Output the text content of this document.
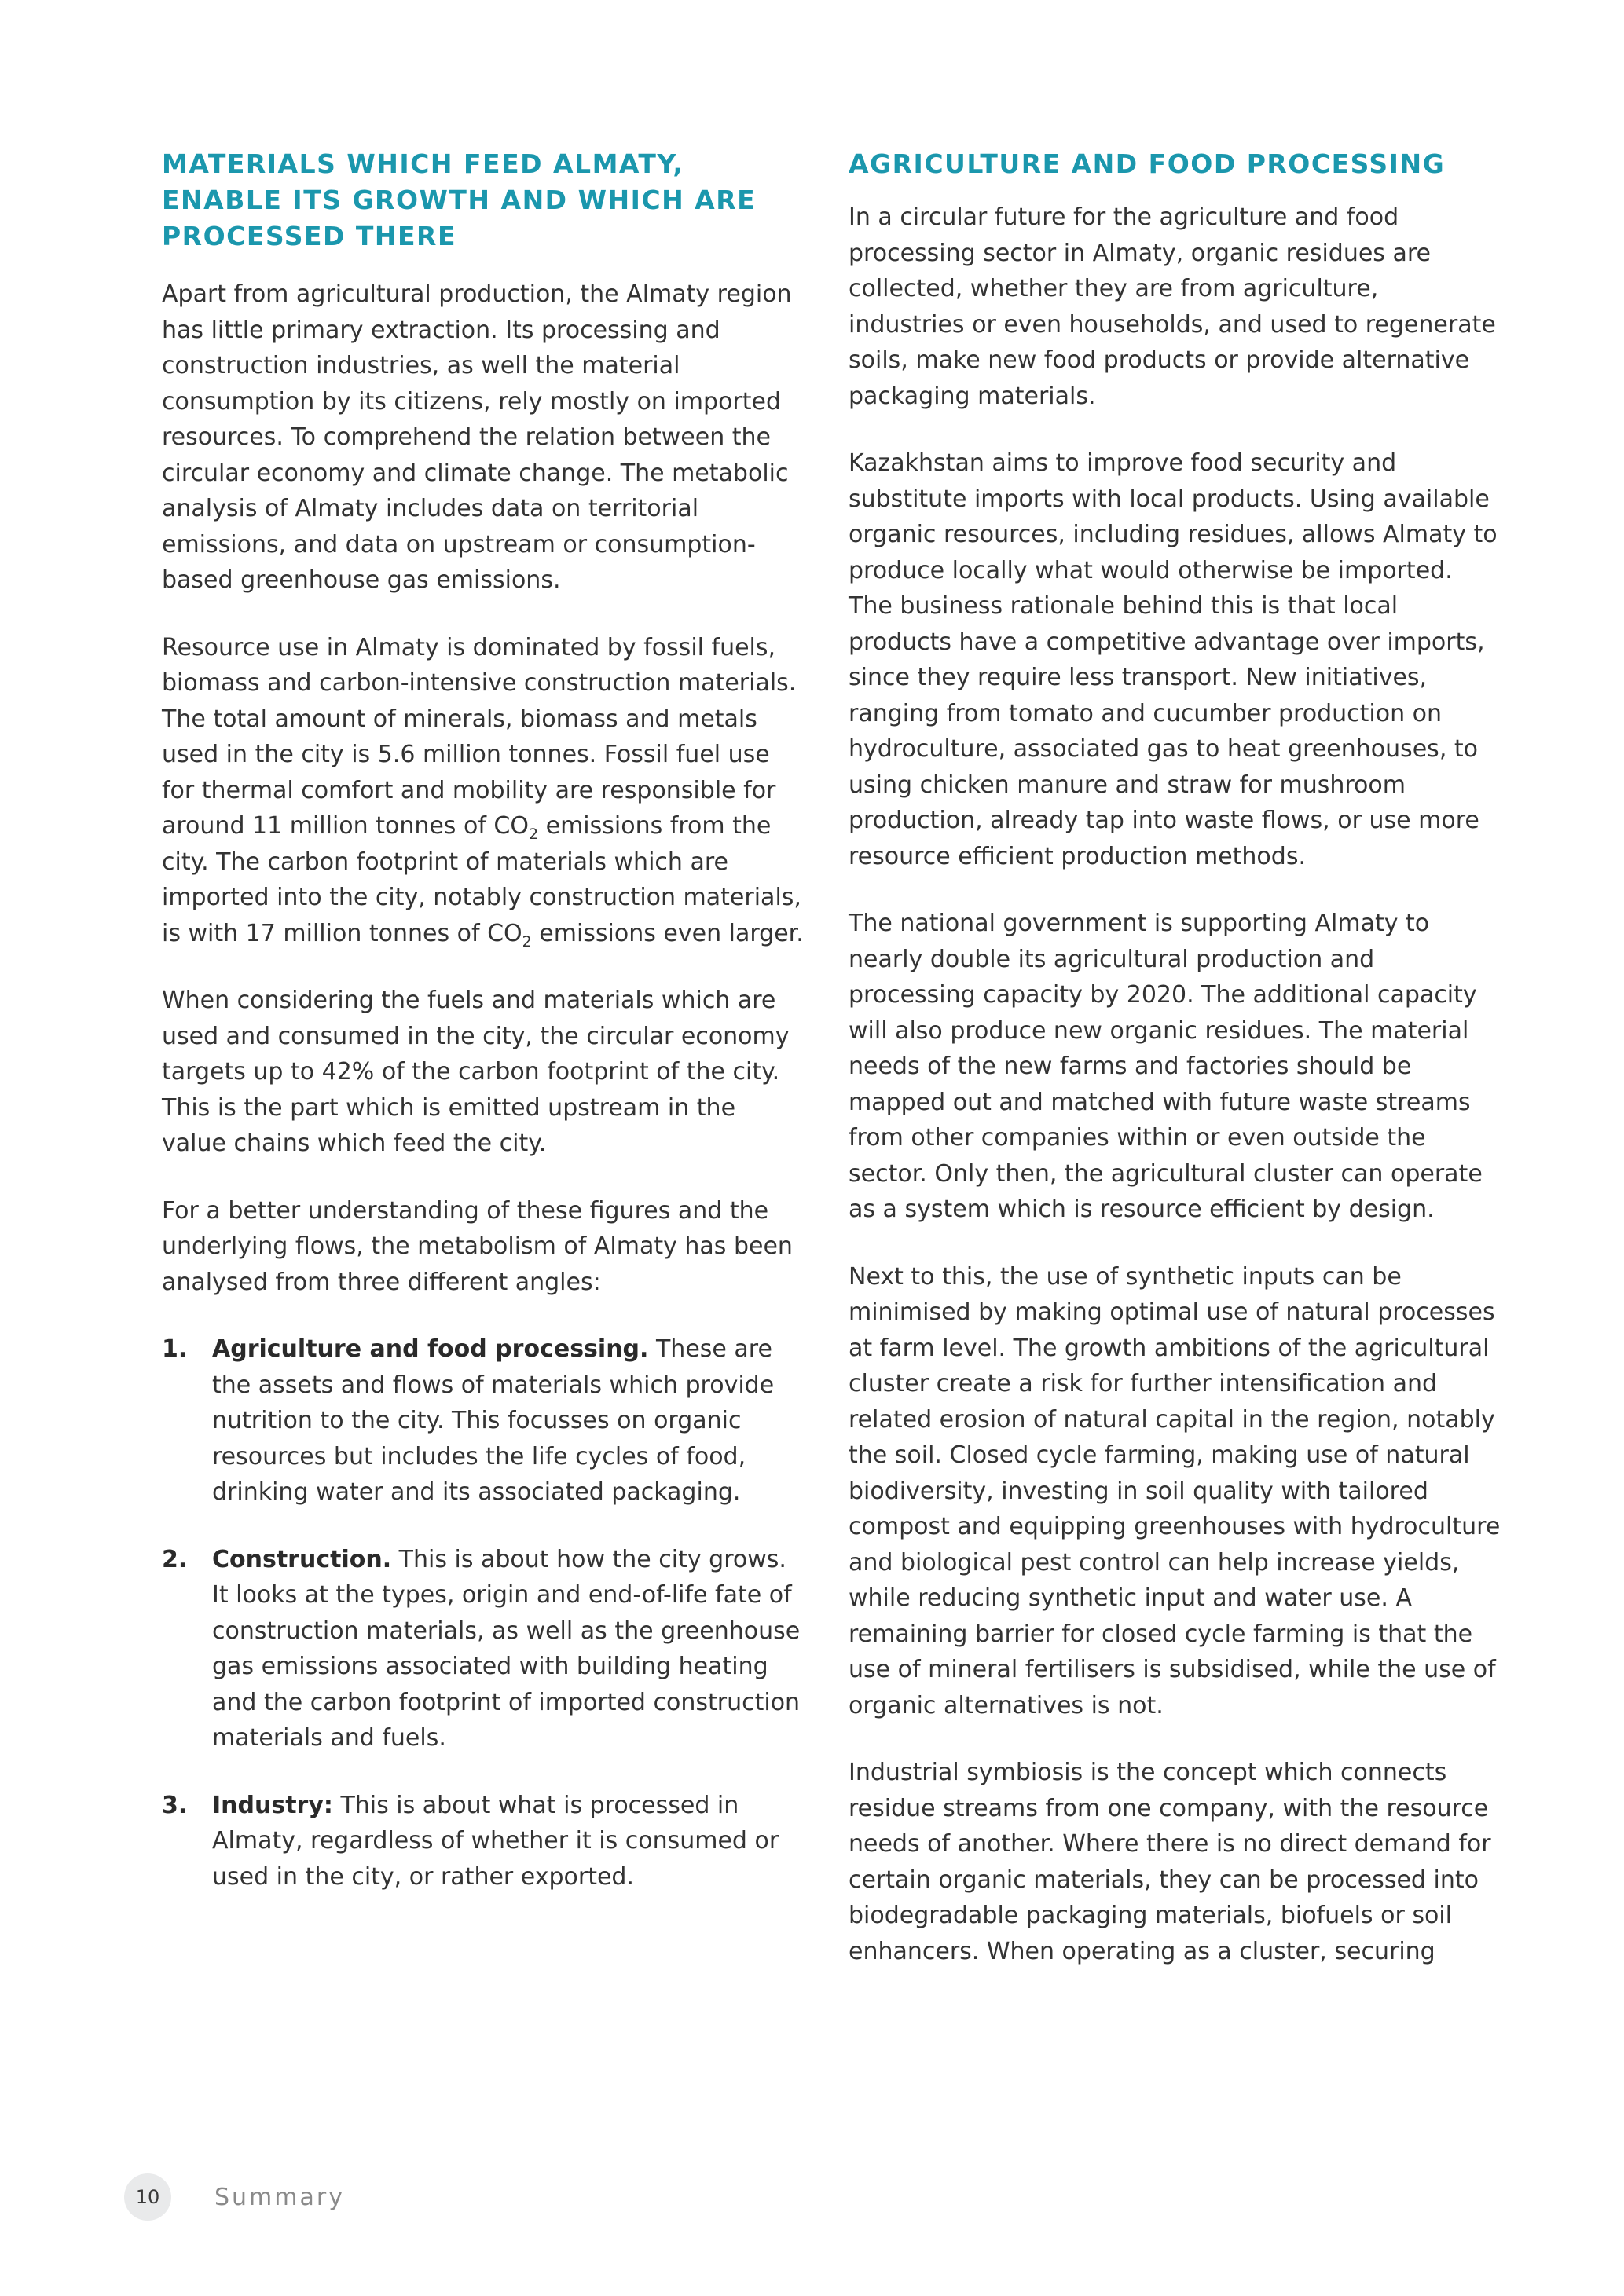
MATERIALS WHICH FEED ALMATY, ENABLE ITS GROWTH AND WHICH ARE PROCESSED THERE

Apart from agricultural production, the Almaty region has little primary extraction. Its processing and construction industries, as well the material consumption by its citizens, rely mostly on imported resources. To comprehend the relation between the circular economy and climate change. The metabolic analysis of Almaty includes data on territorial emissions, and data on upstream or consumption-based greenhouse gas emissions.

Resource use in Almaty is dominated by fossil fuels, biomass and carbon-intensive construction materials. The total amount of minerals, biomass and metals used in the city is 5.6 million tonnes. Fossil fuel use for thermal comfort and mobility are responsible for around 11 million tonnes of $CO_2$ emissions from the city. The carbon footprint of materials which are imported into the city, notably construction materials, is with 17 million tonnes of $CO_2$ emissions even larger.

When considering the fuels and materials which are used and consumed in the city, the circular economy targets up to 42% of the carbon footprint of the city. This is the part which is emitted upstream in the value chains which feed the city.

For a better understanding of these figures and the underlying flows, the metabolism of Almaty has been analysed from three different angles:

1. Agriculture and food processing. These are the assets and flows of materials which provide nutrition to the city. This focusses on organic resources but includes the life cycles of food, drinking water and its associated packaging.
2. Construction. This is about how the city grows. It looks at the types, origin and end-of-life fate of construction materials, as well as the greenhouse gas emissions associated with building heating and the carbon footprint of imported construction materials and fuels.
3. Industry: This is about what is processed in Almaty, regardless of whether it is consumed or used in the city, or rather exported.
AGRICULTURE AND FOOD PROCESSING

In a circular future for the agriculture and food processing sector in Almaty, organic residues are collected, whether they are from agriculture, industries or even households, and used to regenerate soils, make new food products or provide alternative packaging materials.

Kazakhstan aims to improve food security and substitute imports with local products. Using available organic resources, including residues, allows Almaty to produce locally what would otherwise be imported. The business rationale behind this is that local products have a competitive advantage over imports, since they require less transport. New initiatives, ranging from tomato and cucumber production on hydroculture, associated gas to heat greenhouses, to using chicken manure and straw for mushroom production, already tap into waste flows, or use more resource efficient production methods.

The national government is supporting Almaty to nearly double its agricultural production and processing capacity by 2020. The additional capacity will also produce new organic residues. The material needs of the new farms and factories should be mapped out and matched with future waste streams from other companies within or even outside the sector. Only then, the agricultural cluster can operate as a system which is resource efficient by design.

Next to this, the use of synthetic inputs can be minimised by making optimal use of natural processes at farm level. The growth ambitions of the agricultural cluster create a risk for further intensification and related erosion of natural capital in the region, notably the soil. Closed cycle farming, making use of natural biodiversity, investing in soil quality with tailored compost and equipping greenhouses with hydroculture and biological pest control can help increase yields, while reducing synthetic input and water use. A remaining barrier for closed cycle farming is that the use of mineral fertilisers is subsidised, while the use of organic alternatives is not.

Industrial symbiosis is the concept which connects residue streams from one company, with the resource needs of another. Where there is no direct demand for certain organic materials, they can be processed into biodegradable packaging materials, biofuels or soil enhancers. When operating as a cluster, securing

10 Summary
